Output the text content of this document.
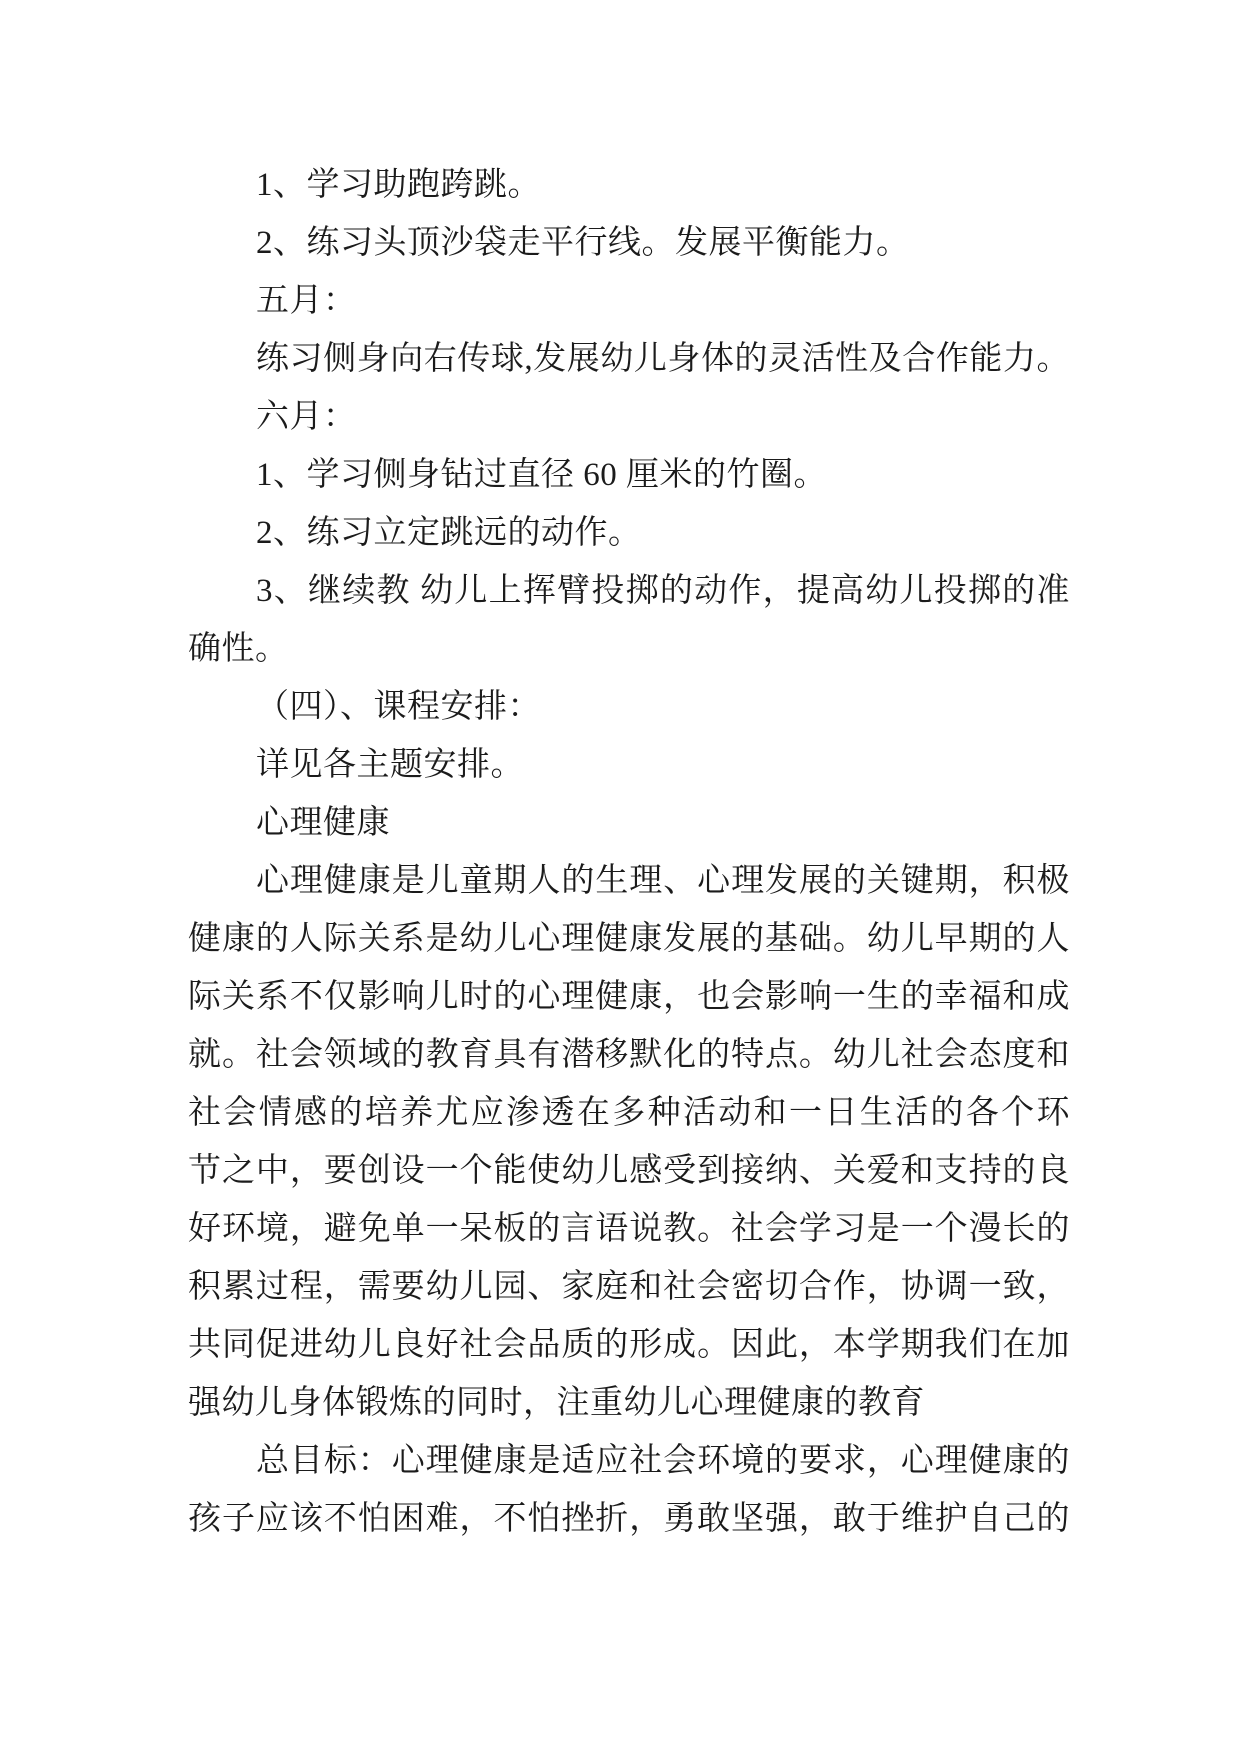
1、学习助跑跨跳。
2、练习头顶沙袋走平行线。发展平衡能力。
五月：
练习侧身向右传球,发展幼儿身体的灵活性及合作能力。
六月：
1、学习侧身钻过直径 60 厘米的竹圈。
2、练习立定跳远的动作。
3、继续教 幼儿上挥臂投掷的动作，提高幼儿投掷的准
确性。
（四）、课程安排：
详见各主题安排。
心理健康
心理健康是儿童期人的生理、心理发展的关键期，积极
健康的人际关系是幼儿心理健康发展的基础。幼儿早期的人
际关系不仅影响儿时的心理健康，也会影响一生的幸福和成
就。社会领域的教育具有潜移默化的特点。幼儿社会态度和
社会情感的培养尤应渗透在多种活动和一日生活的各个环
节之中，要创设一个能使幼儿感受到接纳、关爱和支持的良
好环境，避免单一呆板的言语说教。社会学习是一个漫长的
积累过程，需要幼儿园、家庭和社会密切合作，协调一致，
共同促进幼儿良好社会品质的形成。因此，本学期我们在加
强幼儿身体锻炼的同时，注重幼儿心理健康的教育
总目标：心理健康是适应社会环境的要求，心理健康的
孩子应该不怕困难，不怕挫折，勇敢坚强，敢于维护自己的
